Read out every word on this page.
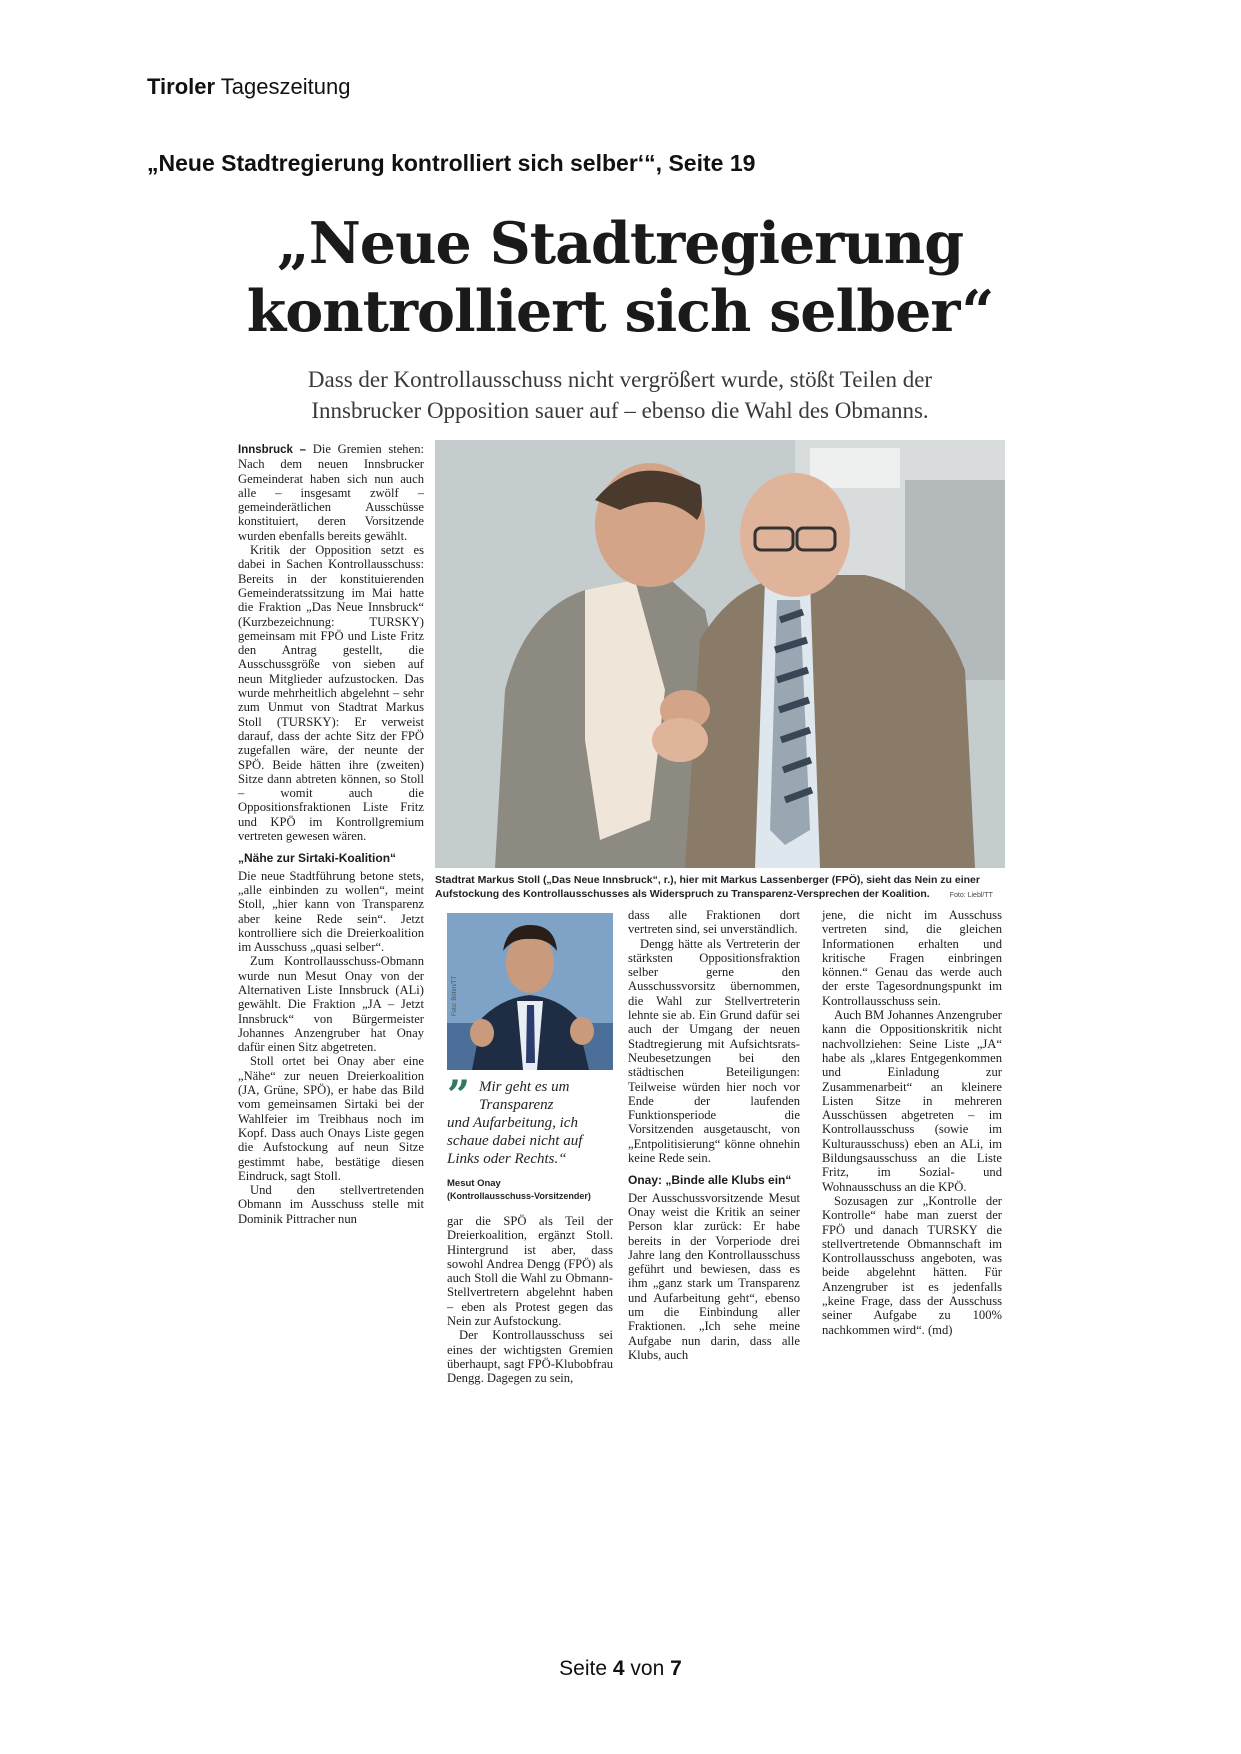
Tiroler Tageszeitung
„Neue Stadtregierung kontrolliert sich selber‘“, Seite 19
„Neue Stadtregierung
kontrolliert sich selber“
Dass der Kontrollausschuss nicht vergrößert wurde, stößt Teilen der
Innsbrucker Opposition sauer auf – ebenso die Wahl des Obmanns.

Innsbruck – Die Gremien stehen: Nach dem neuen Innsbrucker Gemeinderat haben sich nun auch alle – insgesamt zwölf – gemeinderätlichen Ausschüsse konstituiert, deren Vorsitzende wurden ebenfalls bereits gewählt.

Kritik der Opposition setzt es dabei in Sachen Kontrollausschuss: Bereits in der konstituierenden Gemeinderatssitzung im Mai hatte die Fraktion „Das Neue Innsbruck“ (Kurzbezeichnung: TURSKY) gemeinsam mit FPÖ und Liste Fritz den Antrag gestellt, die Ausschussgröße von sieben auf neun Mitglieder aufzustocken. Das wurde mehrheitlich abgelehnt – sehr zum Unmut von Stadtrat Markus Stoll (TURSKY): Er verweist darauf, dass der achte Sitz der FPÖ zugefallen wäre, der neunte der SPÖ. Beide hätten ihre (zweiten) Sitze dann abtreten können, so Stoll – womit auch die Oppositionsfraktionen Liste Fritz und KPÖ im Kontrollgremium vertreten gewesen wären.

„Nähe zur Sirtaki-Koalition“

Die neue Stadtführung betone stets, „alle einbinden zu wollen“, meint Stoll, „hier kann von Transparenz aber keine Rede sein“. Jetzt kontrolliere sich die Dreierkoalition im Ausschuss „quasi selber“.

Zum Kontrollausschuss-Obmann wurde nun Mesut Onay von der Alternativen Liste Innsbruck (ALi) gewählt. Die Fraktion „JA – Jetzt Innsbruck“ von Bürgermeister Johannes Anzengruber hat Onay dafür einen Sitz abgetreten.

Stoll ortet bei Onay aber eine „Nähe“ zur neuen Dreierkoalition (JA, Grüne, SPÖ), er habe das Bild vom gemeinsamen Sirtaki bei der Wahlfeier im Treibhaus noch im Kopf. Dass auch Onays Liste gegen die Aufstockung auf neun Sitze gestimmt habe, bestätige diesen Eindruck, sagt Stoll.

Und den stellvertretenden Obmann im Ausschuss stelle mit Dominik Pittracher nun

Stadtrat Markus Stoll („Das Neue Innsbruck“, r.), hier mit Markus Lassenberger (FPÖ), sieht das Nein zu einer Aufstockung des Kontrollausschusses als Widerspruch zu Transparenz-Versprechen der Koalition.	Foto: Liebl/TT
Foto: Böhm/TT
” Mir geht es um
Transparenz
und Aufarbeitung, ich schaue dabei nicht auf Links oder Rechts.“
Mesut Onay
(Kontrollausschuss-Vorsitzender)

gar die SPÖ als Teil der Dreierkoalition, ergänzt Stoll. Hintergrund ist aber, dass sowohl Andrea Dengg (FPÖ) als auch Stoll die Wahl zu Obmann-Stellvertretern abgelehnt haben – eben als Protest gegen das Nein zur Aufstockung.

Der Kontrollausschuss sei eines der wichtigsten Gremien überhaupt, sagt FPÖ-Klubobfrau Dengg. Dagegen zu sein,

dass alle Fraktionen dort vertreten sind, sei unverständlich.

Dengg hätte als Vertreterin der stärksten Oppositionsfraktion selber gerne den Ausschussvorsitz übernommen, die Wahl zur Stellvertreterin lehnte sie ab. Ein Grund dafür sei auch der Umgang der neuen Stadtregierung mit Aufsichtsrats-Neubesetzungen bei den städtischen Beteiligungen: Teilweise würden hier noch vor Ende der laufenden Funktionsperiode die Vorsitzenden ausgetauscht, von „Entpolitisierung“ könne ohnehin keine Rede sein.

Onay: „Binde alle Klubs ein“

Der Ausschussvorsitzende Mesut Onay weist die Kritik an seiner Person klar zurück: Er habe bereits in der Vorperiode drei Jahre lang den Kontrollausschuss geführt und bewiesen, dass es ihm „ganz stark um Transparenz und Aufarbeitung geht“, ebenso um die Einbindung aller Fraktionen. „Ich sehe meine Aufgabe nun darin, dass alle Klubs, auch

jene, die nicht im Ausschuss vertreten sind, die gleichen Informationen erhalten und kritische Fragen einbringen können.“ Genau das werde auch der erste Tagesordnungspunkt im Kontrollausschuss sein.

Auch BM Johannes Anzengruber kann die Oppositionskritik nicht nachvollziehen: Seine Liste „JA“ habe als „klares Entgegenkommen und Einladung zur Zusammenarbeit“ an kleinere Listen Sitze in mehreren Ausschüssen abgetreten – im Kontrollausschuss (sowie im Kulturausschuss) eben an ALi, im Bildungsausschuss an die Liste Fritz, im Sozial- und Wohnausschuss an die KPÖ.

Sozusagen zur „Kontrolle der Kontrolle“ habe man zuerst der FPÖ und danach TURSKY die stellvertretende Obmannschaft im Kontrollausschuss angeboten, was beide abgelehnt hätten. Für Anzengruber ist es jedenfalls „keine Frage, dass der Ausschuss seiner Aufgabe zu 100% nachkommen wird“. (md)

Seite 4 von 7
